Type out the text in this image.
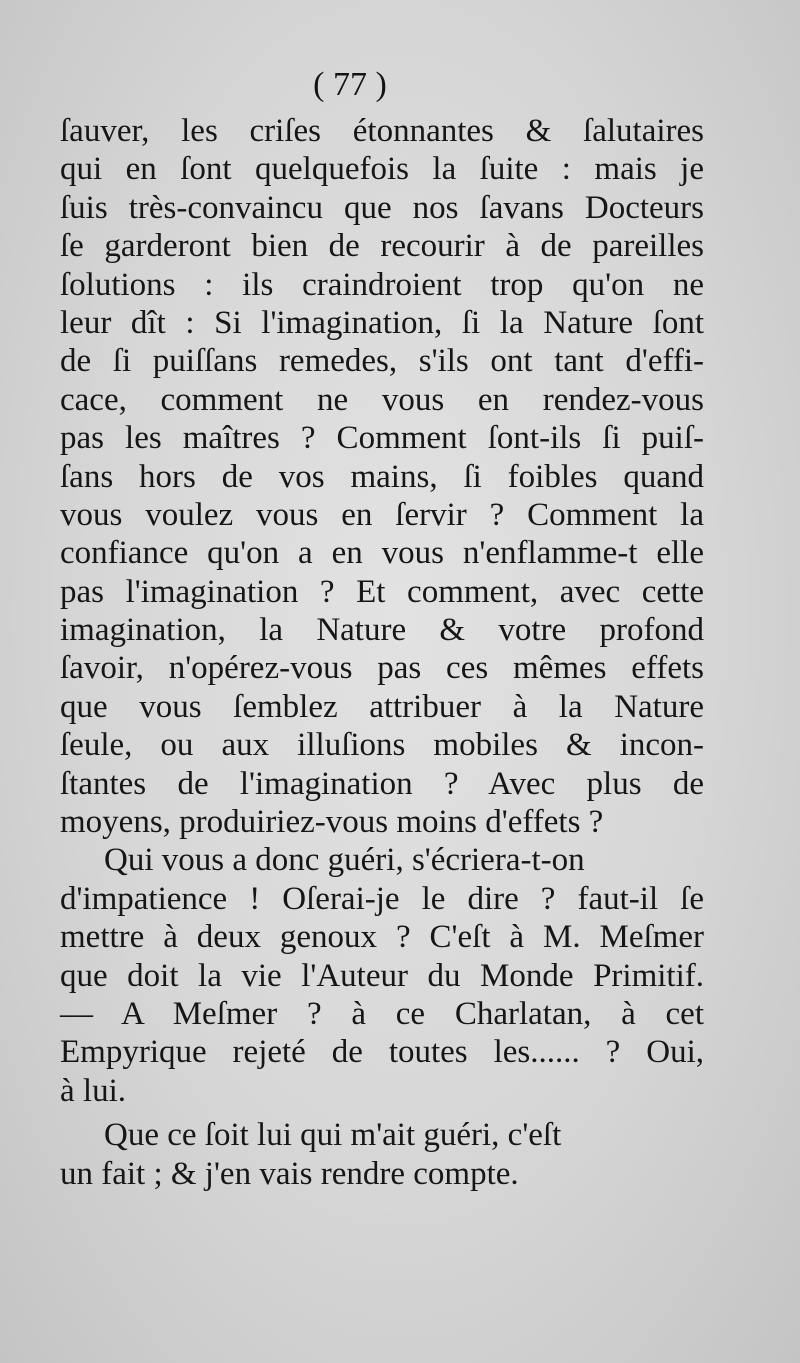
( 77 )
ſauver, les criſes étonnantes & ſalutaires
qui en ſont quelquefois la ſuite : mais je
ſuis très-convaincu que nos ſavans Docteurs
ſe garderont bien de recourir à de pareilles
ſolutions : ils craindroient trop qu'on ne
leur dît : Si l'imagination, ſi la Nature ſont
de ſi puiſſans remedes, s'ils ont tant d'effi-
cace, comment ne vous en rendez-vous
pas les maîtres ? Comment ſont-ils ſi puiſ-
ſans hors de vos mains, ſi foibles quand
vous voulez vous en ſervir ? Comment la
confiance qu'on a en vous n'enflamme-t elle
pas l'imagination ? Et comment, avec cette
imagination, la Nature & votre profond
ſavoir, n'opérez-vous pas ces mêmes effets
que vous ſemblez attribuer à la Nature
ſeule, ou aux illuſions mobiles & incon-
ſtantes de l'imagination ? Avec plus de
moyens, produiriez-vous moins d'effets ?
Qui vous a donc guéri, s'écriera-t-on
d'impatience ! Oſerai-je le dire ? faut-il ſe
mettre à deux genoux ? C'eſt à M. Meſmer
que doit la vie l'Auteur du Monde Primitif.
— A Meſmer ? à ce Charlatan, à cet
Empyrique rejeté de toutes les...... ? Oui,
à lui.
Que ce ſoit lui qui m'ait guéri, c'eſt
un fait ; & j'en vais rendre compte.
